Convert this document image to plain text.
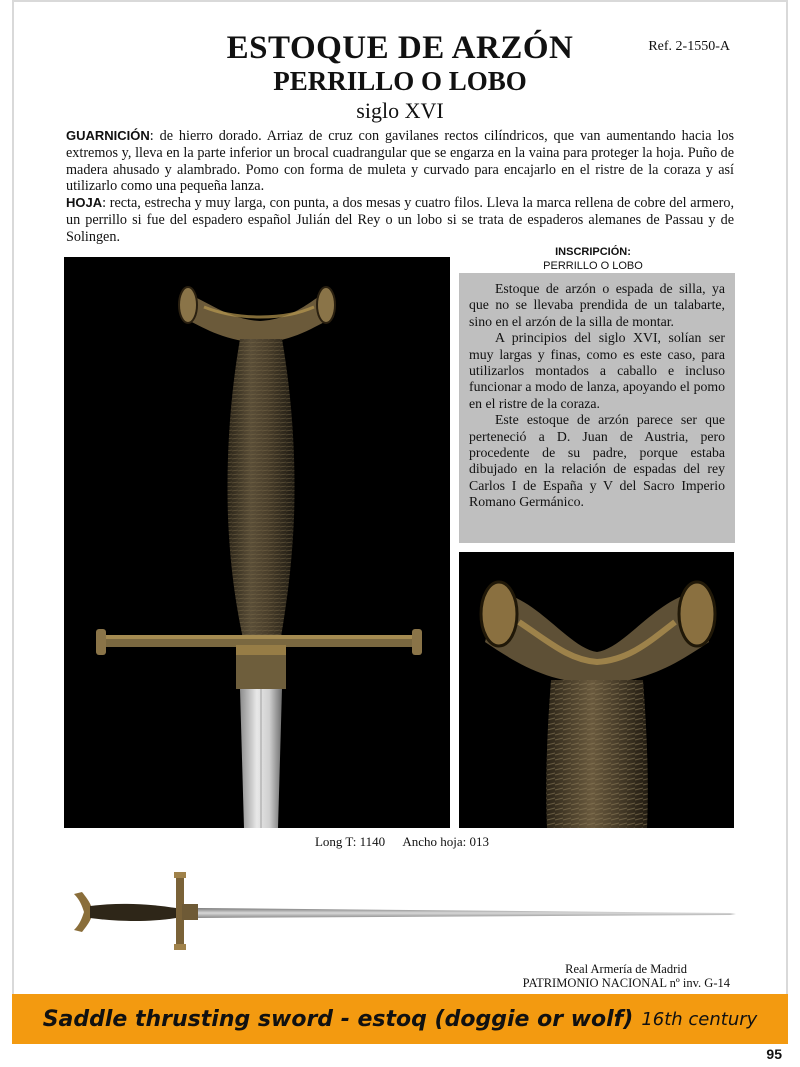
ESTOQUE DE ARZÓN
PERRILLO O LOBO
siglo XVI
Ref. 2-1550-A

GUARNICIÓN: de hierro dorado. Arriaz de cruz con gavilanes rectos cilíndricos, que van aumentando hacia los extremos y, lleva en la parte inferior un brocal cuadrangular que se engarza en la vaina para proteger la hoja. Puño de madera ahusado y alambrado. Pomo con forma de muleta y curvado para encajarlo en el ristre de la coraza y así utilizarlo como una pequeña lanza.

HOJA: recta, estrecha y muy larga, con punta, a dos mesas y cuatro filos. Lleva la marca rellena de cobre del armero, un perrillo si fue del espadero español Julián del Rey o un lobo si se trata de espaderos alemanes de Passau y de Solingen.

INSCRIPCIÓN:
PERRILLO O LOBO

Estoque de arzón o espada de silla, ya que no se llevaba prendida de un talabarte, sino en el arzón de la silla de montar.

A principios del siglo XVI, solían ser muy largas y finas, como es este caso, para utilizarlos montados a caballo e incluso funcionar a modo de lanza, apoyando el pomo en el ristre de la coraza.

Este estoque de arzón parece ser que perteneció a D. Juan de Austria, pero procedente de su padre, porque estaba dibujado en la relación de espadas del rey Carlos I de España y V del Sacro Imperio Romano Germánico.

Long T: 1140 Ancho hoja: 013
Real Armería de Madrid
PATRIMONIO NACIONAL nº inv. G-14
Saddle thrusting sword - estoq (doggie or wolf) 16th century
95
